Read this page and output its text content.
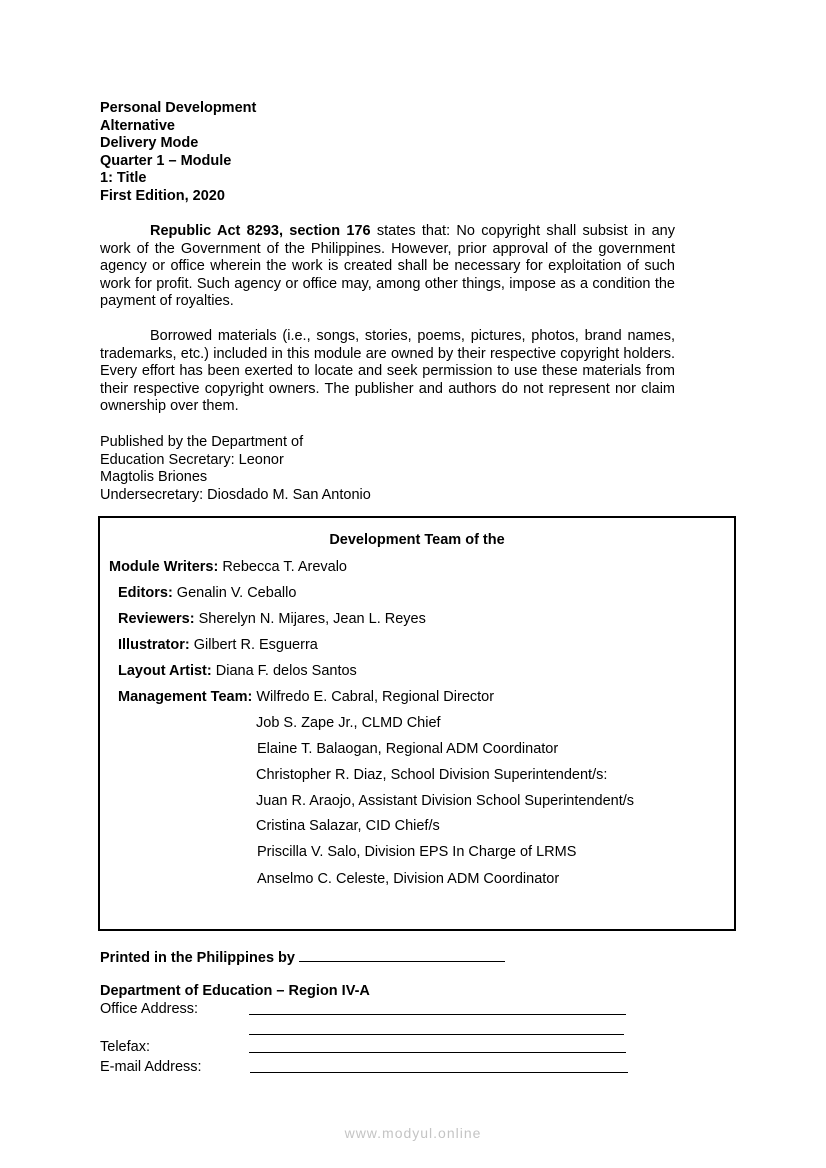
Personal Development
Alternative
Delivery Mode
Quarter 1 – Module
1: Title
First Edition, 2020
Republic Act 8293, section 176 states that: No copyright shall subsist in any work of the Government of the Philippines. However, prior approval of the government agency or office wherein the work is created shall be necessary for exploitation of such work for profit. Such agency or office may, among other things, impose as a condition the payment of royalties.
Borrowed materials (i.e., songs, stories, poems, pictures, photos, brand names, trademarks, etc.) included in this module are owned by their respective copyright holders. Every effort has been exerted to locate and seek permission to use these materials from their respective copyright owners. The publisher and authors do not represent nor claim ownership over them.
Published by the Department of
Education Secretary: Leonor
Magtolis Briones
Undersecretary: Diosdado M. San Antonio
Development Team of the
Module Writers: Rebecca T. Arevalo
Editors: Genalin V. Ceballo
Reviewers: Sherelyn N. Mijares, Jean L. Reyes
Illustrator: Gilbert R. Esguerra
Layout Artist: Diana F. delos Santos
Management Team: Wilfredo E. Cabral, Regional Director
Job S. Zape Jr., CLMD Chief
Elaine T. Balaogan, Regional ADM Coordinator
Christopher R. Diaz, School Division Superintendent/s:
Juan R. Araojo, Assistant Division School Superintendent/s
Cristina Salazar, CID Chief/s
Priscilla V. Salo, Division EPS In Charge of LRMS
Anselmo C. Celeste, Division ADM Coordinator
Printed in the Philippines by
Department of Education – Region IV-A
Office Address:
Telefax:
E-mail Address:
www.modyul.online
